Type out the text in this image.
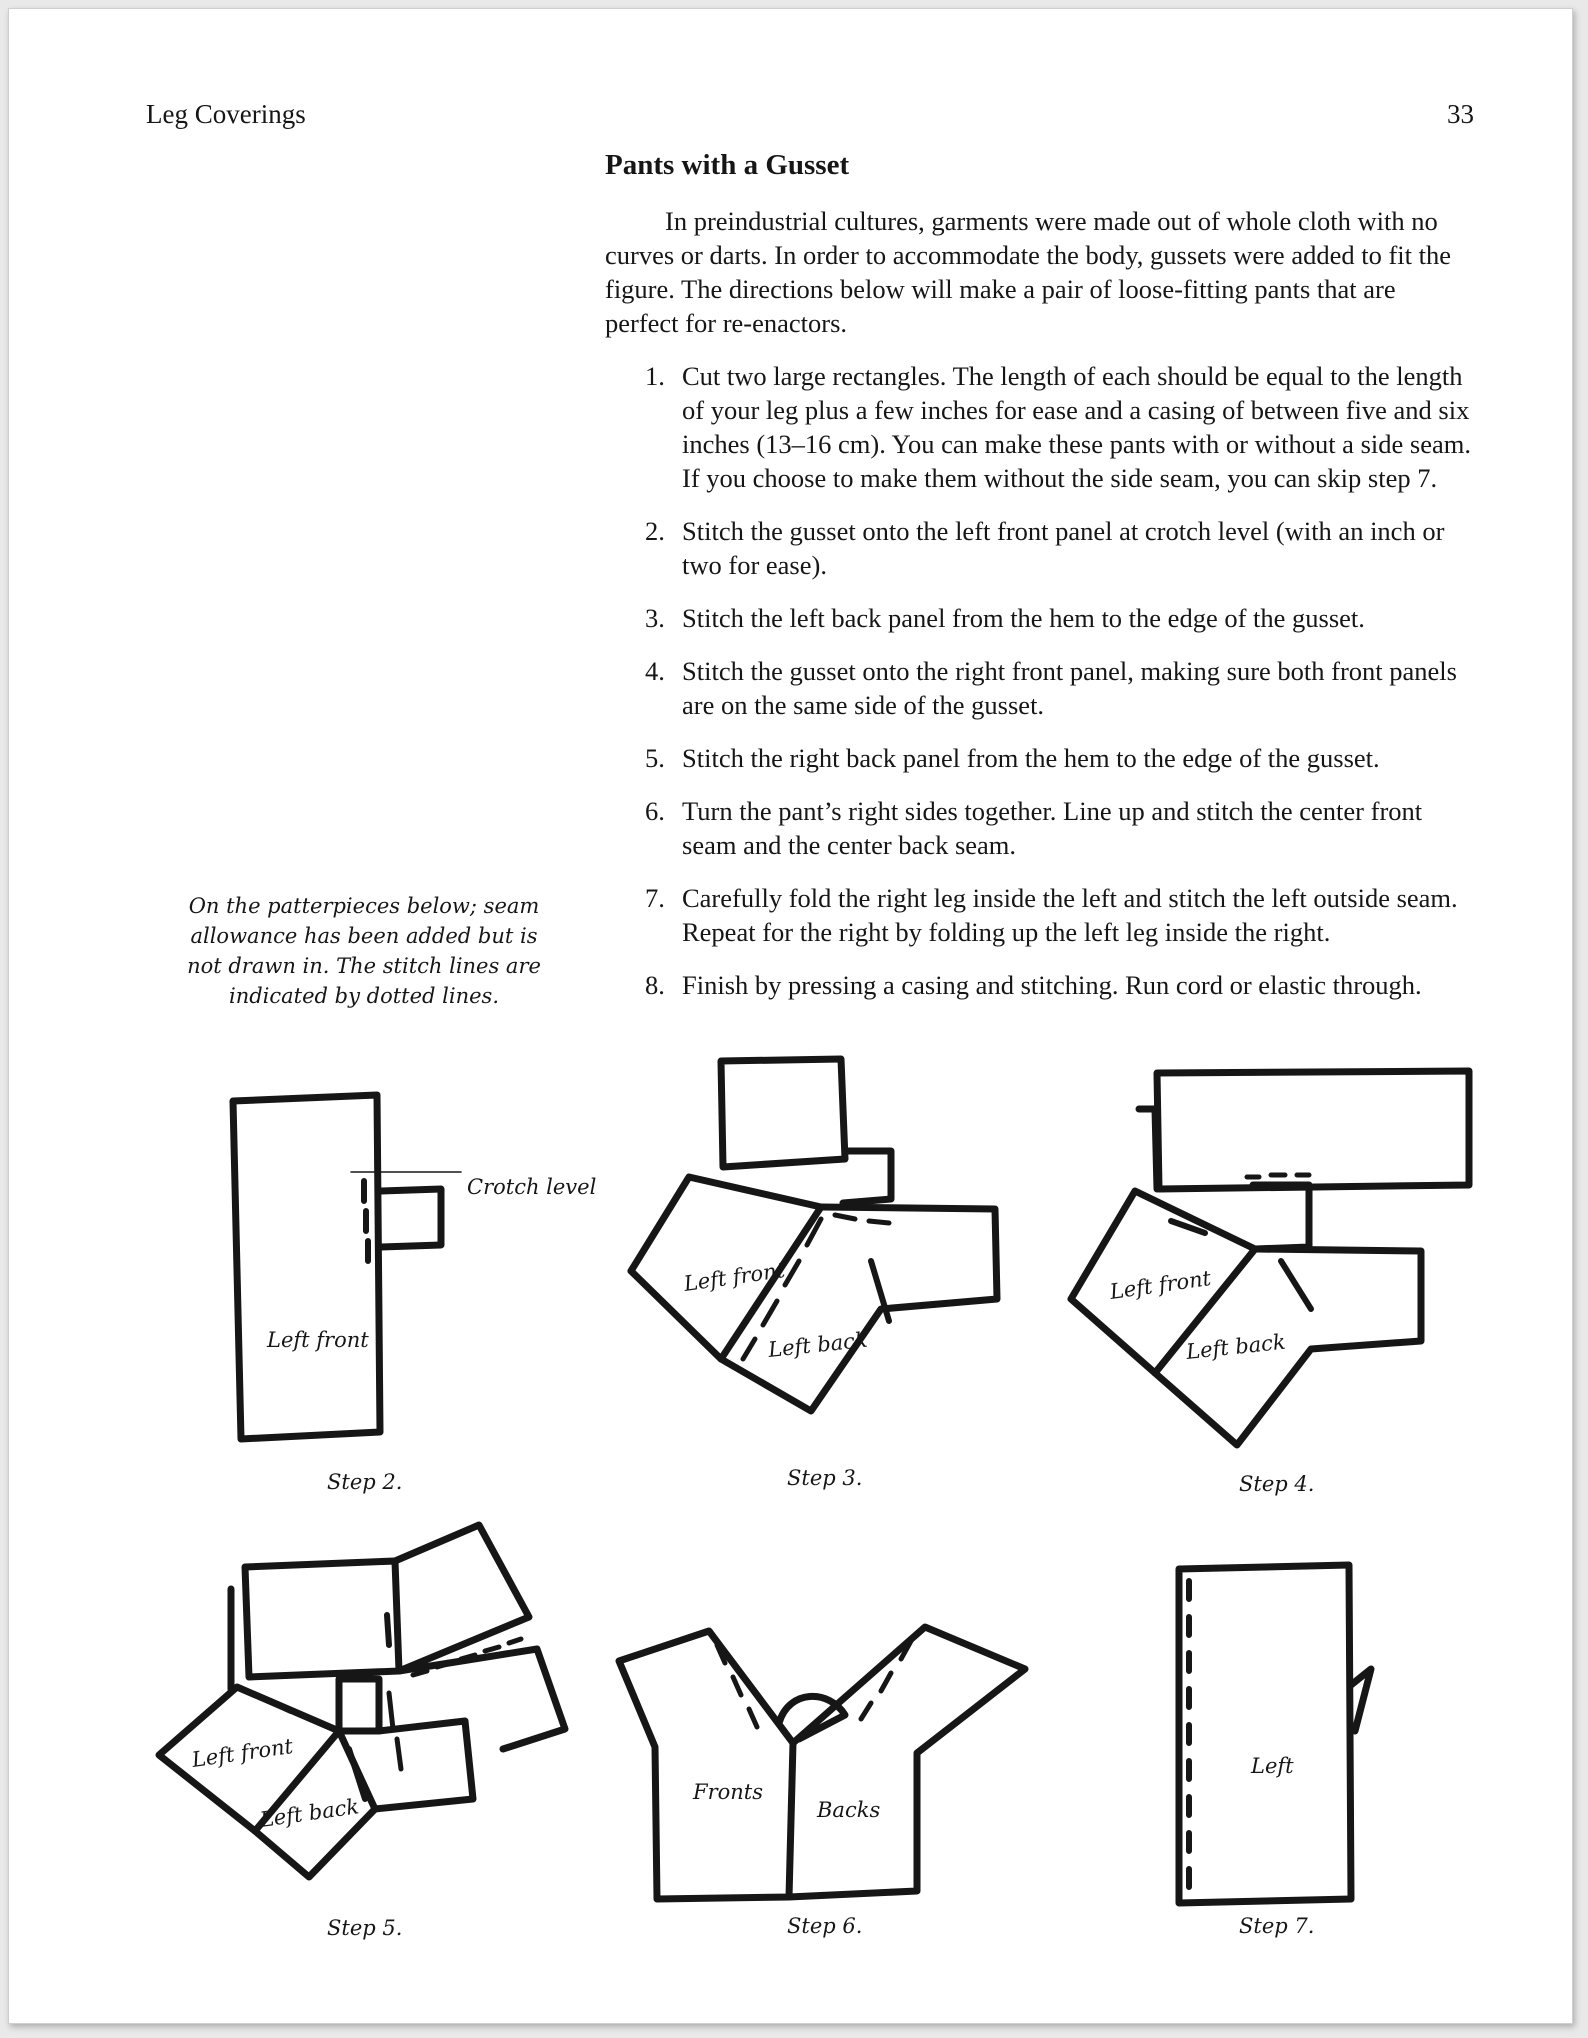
Leg Coverings	33
Pants with a Gusset

In preindustrial cultures, garments were made out of whole cloth with no curves or darts. In order to accommodate the body, gussets were added to fit the figure. The directions below will make a pair of loose-fitting pants that are perfect for re-enactors.

1. Cut two large rectangles. The length of each should be equal to the length of your leg plus a few inches for ease and a casing of between five and six inches (13–16 cm). You can make these pants with or without a side seam. If you choose to make them without the side seam, you can skip step 7.
2. Stitch the gusset onto the left front panel at crotch level (with an inch or two for ease).
3. Stitch the left back panel from the hem to the edge of the gusset.
4. Stitch the gusset onto the right front panel, making sure both front panels are on the same side of the gusset.
5. Stitch the right back panel from the hem to the edge of the gusset.
6. Turn the pant’s right sides together. Line up and stitch the center front seam and the center back seam.
7. Carefully fold the right leg inside the left and stitch the left outside seam. Repeat for the right by folding up the left leg inside the right.
8. Finish by pressing a casing and stitching. Run cord or elastic through.
On the patterpieces below; seam allowance has been added but is not drawn in. The stitch lines are indicated by dotted lines.
Crotch level
Left front
Step 2.
Left front
Left back
Step 3.
Left front
Left back
Step 4.
Left front
Left back
Step 5.
Fronts
Backs
Step 6.
Left
Step 7.
